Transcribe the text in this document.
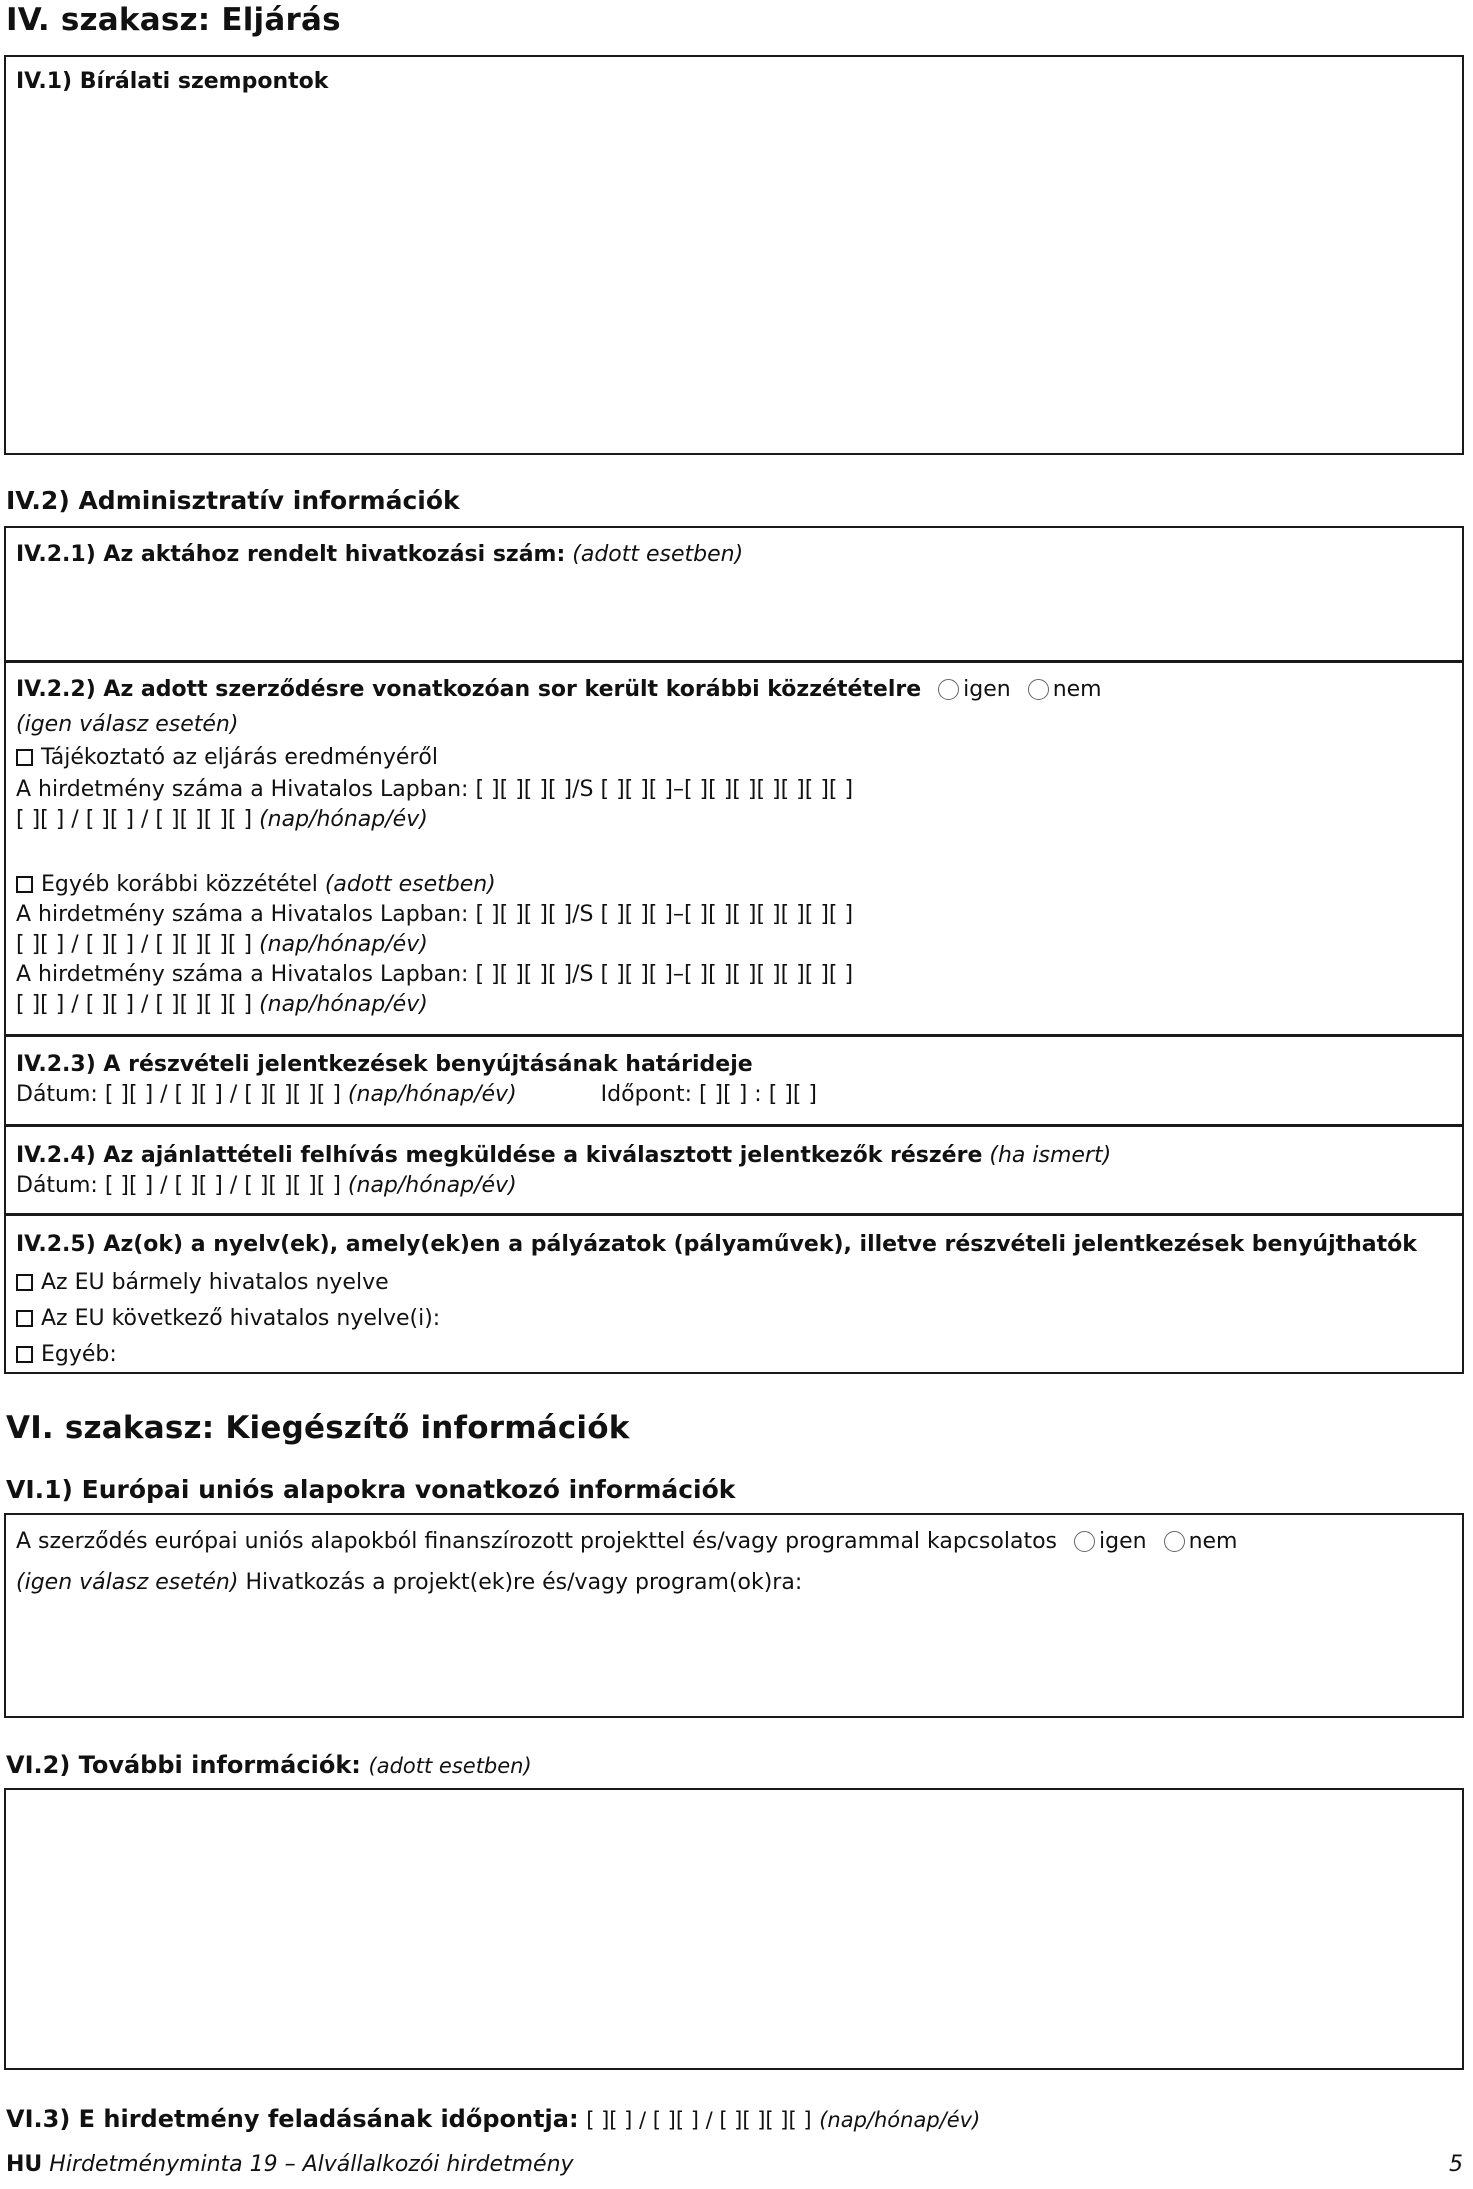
IV. szakasz: Eljárás
IV.1) Bírálati szempontok
IV.2) Adminisztratív információk
IV.2.1) Az aktához rendelt hivatkozási szám: (adott esetben)
IV.2.2) Az adott szerződésre vonatkozóan sor került korábbi közzétételre igen nem
(igen válasz esetén)
Tájékoztató az eljárás eredményéről
A hirdetmény száma a Hivatalos Lapban: [ ][ ][ ][ ]/S [ ][ ][ ]–[ ][ ][ ][ ][ ][ ][ ]
[ ][ ] / [ ][ ] / [ ][ ][ ][ ] (nap/hónap/év)
Egyéb korábbi közzététel (adott esetben)
A hirdetmény száma a Hivatalos Lapban: [ ][ ][ ][ ]/S [ ][ ][ ]–[ ][ ][ ][ ][ ][ ][ ]
[ ][ ] / [ ][ ] / [ ][ ][ ][ ] (nap/hónap/év)
A hirdetmény száma a Hivatalos Lapban: [ ][ ][ ][ ]/S [ ][ ][ ]–[ ][ ][ ][ ][ ][ ][ ]
[ ][ ] / [ ][ ] / [ ][ ][ ][ ] (nap/hónap/év)
IV.2.3) A részvételi jelentkezések benyújtásának határideje
Dátum: [ ][ ] / [ ][ ] / [ ][ ][ ][ ] (nap/hónap/év)	Időpont: [ ][ ] : [ ][ ]
IV.2.4) Az ajánlattételi felhívás megküldése a kiválasztott jelentkezők részére (ha ismert)
Dátum: [ ][ ] / [ ][ ] / [ ][ ][ ][ ] (nap/hónap/év)
IV.2.5) Az(ok) a nyelv(ek), amely(ek)en a pályázatok (pályaművek), illetve részvételi jelentkezések benyújthatók
Az EU bármely hivatalos nyelve
Az EU következő hivatalos nyelve(i):
Egyéb:
VI. szakasz: Kiegészítő információk
VI.1) Európai uniós alapokra vonatkozó információk
A szerződés európai uniós alapokból finanszírozott projekttel és/vagy programmal kapcsolatos igen nem
(igen válasz esetén) Hivatkozás a projekt(ek)re és/vagy program(ok)ra:
VI.2) További információk: (adott esetben)
VI.3) E hirdetmény feladásának időpontja: [ ][ ] / [ ][ ] / [ ][ ][ ][ ] (nap/hónap/év)
HU Hirdetményminta 19 – Alvállalkozói hirdetmény	5
